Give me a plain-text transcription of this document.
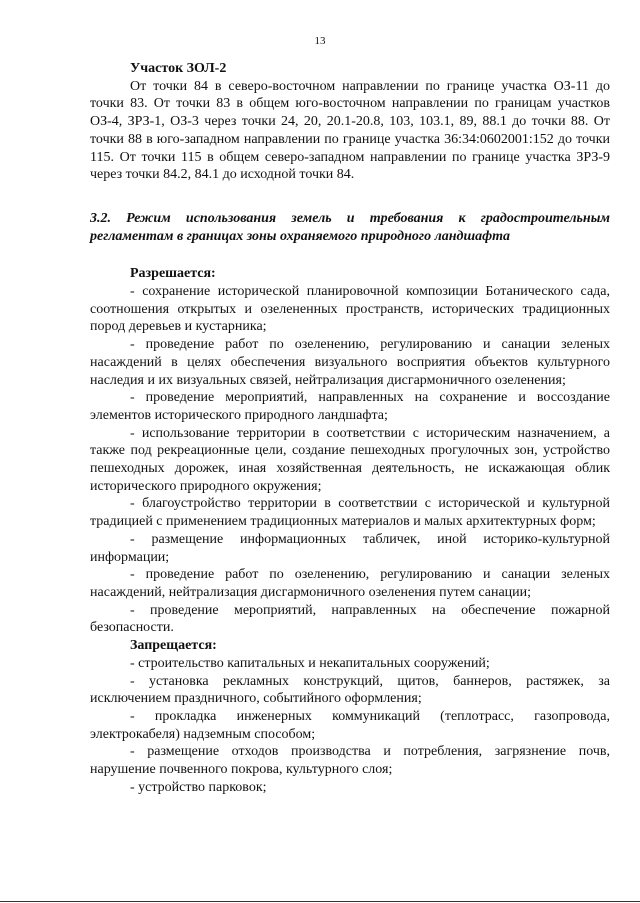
13

Участок ЗОЛ-2

От точки 84 в северо-восточном направлении по границе участка ОЗ-11 до точки 83. От точки 83 в общем юго-восточном направлении по границам участков ОЗ-4, ЗРЗ-1, ОЗ-3 через точки 24, 20, 20.1-20.8, 103, 103.1, 89, 88.1 до точки 88. От точки 88 в юго-западном направлении по границе участка 36:34:0602001:152 до точки 115. От точки 115 в общем северо-западном направлении по границе участка ЗРЗ-9 через точки 84.2, 84.1 до исходной точки 84.

3.2. Режим использования земель и требования к градостроительным регламентам в границах зоны охраняемого природного ландшафта

Разрешается:

- сохранение исторической планировочной композиции Ботанического сада, соотношения открытых и озелененных пространств, исторических традиционных пород деревьев и кустарника;

- проведение работ по озеленению, регулированию и санации зеленых насаждений в целях обеспечения визуального восприятия объектов культурного наследия и их визуальных связей, нейтрализация дисгармоничного озеленения;

- проведение мероприятий, направленных на сохранение и воссоздание элементов исторического природного ландшафта;

- использование территории в соответствии с историческим назначением, а также под рекреационные цели, создание пешеходных прогулочных зон, устройство пешеходных дорожек, иная хозяйственная деятельность, не искажающая облик исторического природного окружения;

- благоустройство территории в соответствии с исторической и культурной традицией с применением традиционных материалов и малых архитектурных форм;

- размещение информационных табличек, иной историко-культурной информации;

- проведение работ по озеленению, регулированию и санации зеленых насаждений, нейтрализация дисгармоничного озеленения путем санации;

- проведение мероприятий, направленных на обеспечение пожарной безопасности.

Запрещается:

- строительство капитальных и некапитальных сооружений;

- установка рекламных конструкций, щитов, баннеров, растяжек, за исключением праздничного, событийного оформления;

- прокладка инженерных коммуникаций (теплотрасс, газопровода, электрокабеля) надземным способом;

- размещение отходов производства и потребления, загрязнение почв, нарушение почвенного покрова, культурного слоя;

- устройство парковок;
